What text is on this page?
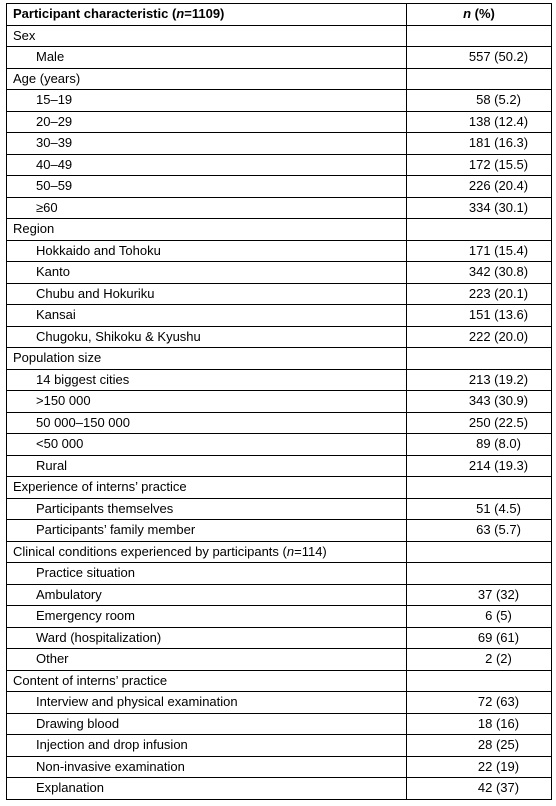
Participant characteristic (n=1109)	n (%)
Sex	
Male	557 (50.2)
Age (years)	
15–19	58 (5.2)
20–29	138 (12.4)
30–39	181 (16.3)
40–49	172 (15.5)
50–59	226 (20.4)
≥60	334 (30.1)
Region	
Hokkaido and Tohoku	171 (15.4)
Kanto	342 (30.8)
Chubu and Hokuriku	223 (20.1)
Kansai	151 (13.6)
Chugoku, Shikoku & Kyushu	222 (20.0)
Population size	
14 biggest cities	213 (19.2)
>150 000	343 (30.9)
50 000–150 000	250 (22.5)
<50 000	89 (8.0)
Rural	214 (19.3)
Experience of interns’ practice	
Participants themselves	51 (4.5)
Participants’ family member	63 (5.7)
Clinical conditions experienced by participants (n=114)	
Practice situation	
Ambulatory	37 (32)
Emergency room	6 (5)
Ward (hospitalization)	69 (61)
Other	2 (2)
Content of interns’ practice	
Interview and physical examination	72 (63)
Drawing blood	18 (16)
Injection and drop infusion	28 (25)
Non-invasive examination	22 (19)
Explanation	42 (37)
